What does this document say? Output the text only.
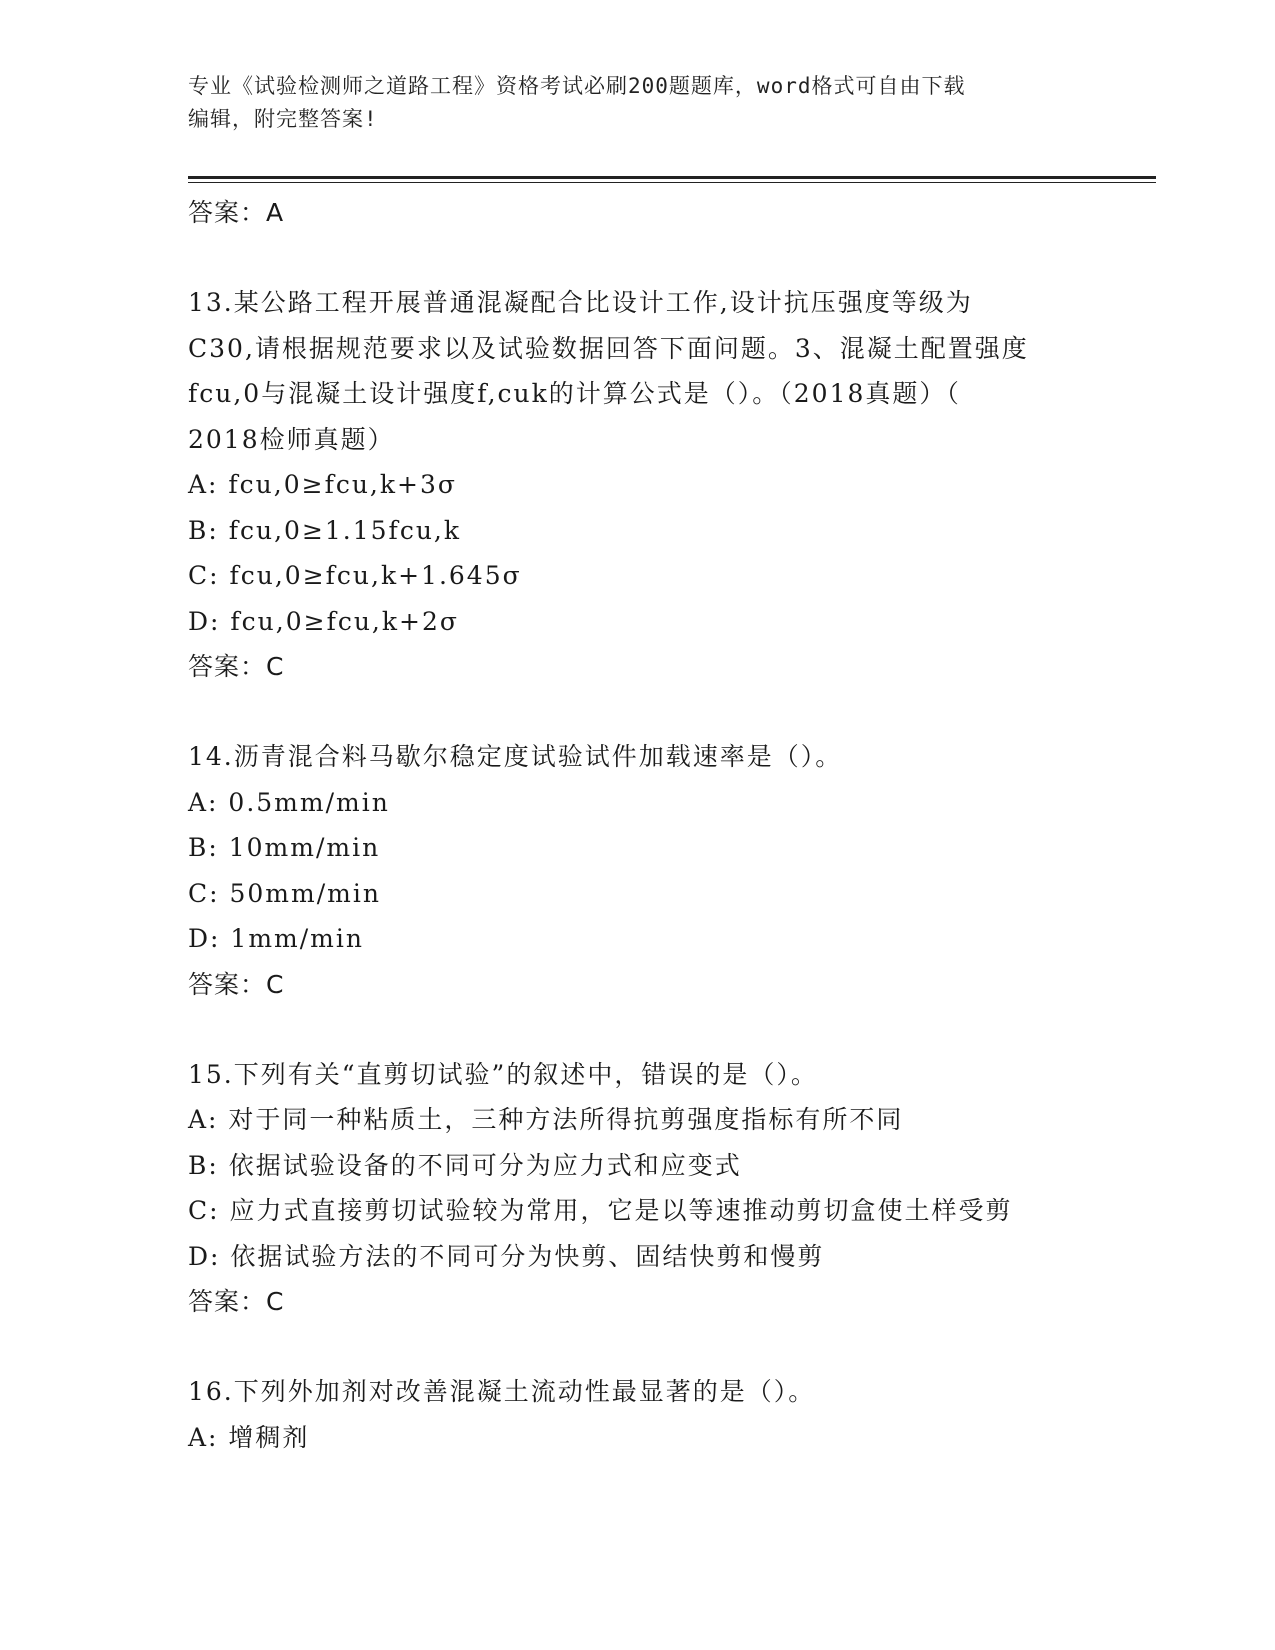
专业《试验检测师之道路工程》资格考试必刷200题题库，word格式可自由下载
编辑，附完整答案!
答案：A
13.某公路工程开展普通混凝配合比设计工作,设计抗压强度等级为
C30,请根据规范要求以及试验数据回答下面问题。3、混凝土配置强度
fcu,0与混凝土设计强度f,cuk的计算公式是（）。（2018真题）（
2018检师真题）
A: fcu,0≥fcu,k+3σ
B: fcu,0≥1.15fcu,k
C: fcu,0≥fcu,k+1.645σ
D: fcu,0≥fcu,k+2σ
答案：C
14.沥青混合料马歇尔稳定度试验试件加载速率是（）。
A: 0.5mm/min
B: 10mm/min
C: 50mm/min
D: 1mm/min
答案：C
15.下列有关“直剪切试验”的叙述中，错误的是（）。
A: 对于同一种粘质土，三种方法所得抗剪强度指标有所不同
B: 依据试验设备的不同可分为应力式和应变式
C: 应力式直接剪切试验较为常用，它是以等速推动剪切盒使土样受剪
D: 依据试验方法的不同可分为快剪、固结快剪和慢剪
答案：C
16.下列外加剂对改善混凝土流动性最显著的是（）。
A: 增稠剂
